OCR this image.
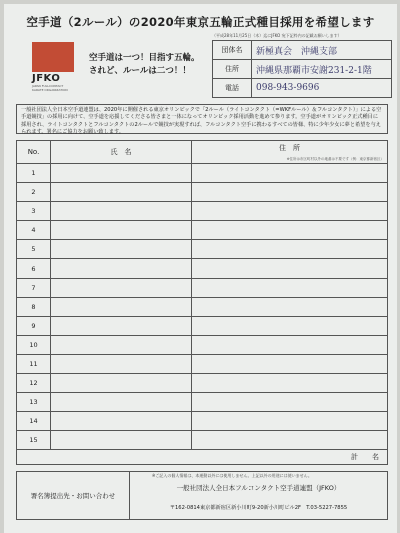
空手道（2ルール）の2020年東京五輪正式種目採用を希望します
JFKO
JAPAN FULLCONTACT KARATE ORGANIZATION
空手道は一つ！目指す五輪。
されど、ルールは二つ！！
（平成28年11月25日（木）迄にJFKO 宛下記枠内の記載お願いします）
団体名	新極真会　沖縄支部
住所	沖縄県那覇市安謝231-2-1階
電話	098-943-9696
一般社団法人全日本空手道連盟は、2020年に開催される東京オリンピックで「2ルール（ライトコンタクト（=WKFルール）＆フルコンタクト）」による空手道競技」の採用に向けて、空手道を応援してくださる皆さまと一体になってオリンピック採用活動を進めて参ります。空手道がオリンピック正式種目に採用され、ライトコンタクトとフルコンタクトの2ルールで競技が実現すれば、フルコンタクト空手に携わるすべての皆様、特に少年少女に夢と希望を与えられます。署名にご協力をお願い致します。
No.	氏　名	住　所
※住所は市区町村以外の地番は不要です（例：東京都新宿区）

1		
2		
3		
4		
5		
6		
7		
8		
9		
10		
11		
12		
13		
14		
15		
計　　名		
※ご記入の個人情報は、本運動以外には使用しません。上記以外の用途には使いません。
署名簿提出先・お問い合わせ	
一般社団法人全日本フルコンタクト空手道連盟（JFKO）
〒162-0814東京都新宿区新小川町9-20新小川町ビル2F　T.03-5227-7855
